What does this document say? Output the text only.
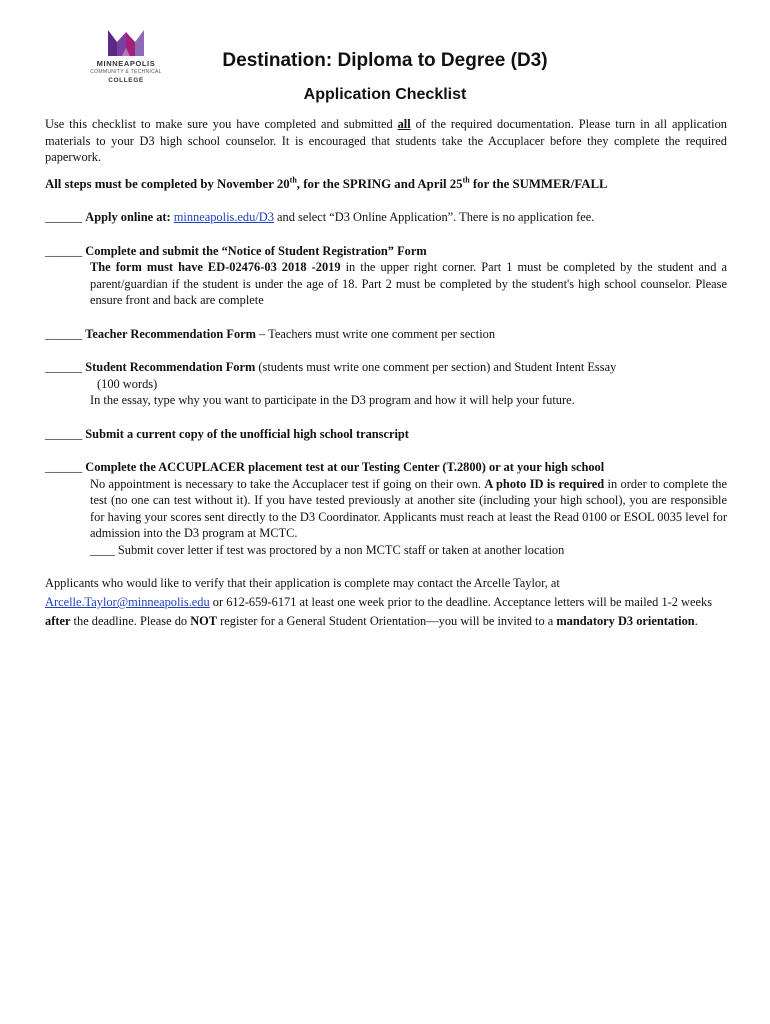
MINNEAPOLIS
COMMUNITY & TECHNICAL
COLLEGE
Destination: Diploma to Degree (D3)
Application Checklist

Use this checklist to make sure you have completed and submitted all of the required documentation. Please turn in all application materials to your D3 high school counselor. It is encouraged that students take the Accuplacer before they complete the required paperwork.

All steps must be completed by November 20th, for the SPRING and April 25th for the SUMMER/FALL

______ Apply online at: minneapolis.edu/D3 and select “D3 Online Application”. There is no application fee.
______ Complete and submit the “Notice of Student Registration” Form
The form must have ED-02476-03 2018 -2019 in the upper right corner. Part 1 must be completed by the student and a parent/guardian if the student is under the age of 18. Part 2 must be completed by the student's high school counselor. Please ensure front and back are complete
______ Teacher Recommendation Form – Teachers must write one comment per section
______ Student Recommendation Form (students must write one comment per section) and Student Intent Essay
(100 words)
In the essay, type why you want to participate in the D3 program and how it will help your future.
______ Submit a current copy of the unofficial high school transcript
______ Complete the ACCUPLACER placement test at our Testing Center (T.2800) or at your high school
No appointment is necessary to take the Accuplacer test if going on their own. A photo ID is required in order to complete the test (no one can test without it). If you have tested previously at another site (including your high school), you are responsible for having your scores sent directly to the D3 Coordinator. Applicants must reach at least the Read 0100 or ESOL 0035 level for admission into the D3 program at MCTC.
____ Submit cover letter if test was proctored by a non MCTC staff or taken at another location
Applicants who would like to verify that their application is complete may contact the Arcelle Taylor, at
Arcelle.Taylor@minneapolis.edu or 612-659-6171 at least one week prior to the deadline. Acceptance letters will be mailed 1-2 weeks after the deadline. Please do NOT register for a General Student Orientation—you will be invited to a mandatory D3 orientation.
